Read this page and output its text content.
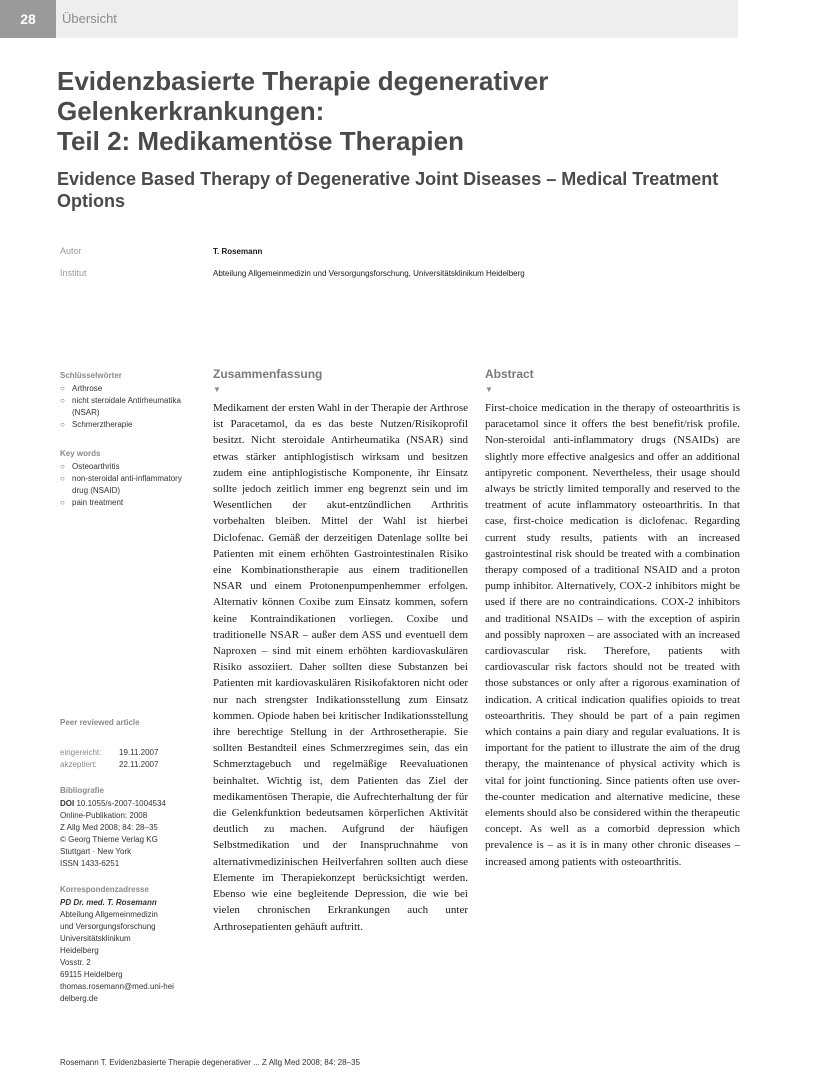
28	Übersicht
Evidenzbasierte Therapie degenerativer
Gelenkerkrankungen:
Teil 2: Medikamentöse Therapien
Evidence Based Therapy of Degenerative Joint Diseases – Medical Treatment
Options
Autor	T. Rosemann
Institut	Abteilung Allgemeinmedizin und Versorgungsforschung, Universitätsklinikum Heidelberg
Schlüsselwörter
○ Arthrose
○ nicht steroidale Antirheumatika (NSAR)
○ Schmerztherapie
Key words
○ Osteoarthritis
○ non-steroidal anti-inflammatory drug (NSAID)
○ pain treatment
Peer reviewed article
eingereicht: 19.11.2007
akzeptiert:	22.11.2007
Bibliografie
DOI 10.1055/s-2007-1004534
Online-Publikation: 2008
Z Allg Med 2008; 84: 28–35
© Georg Thieme Verlag KG
Stuttgart · New York
ISSN 1433-6251
Korrespondenzadresse
PD Dr. med. T. Rosemann
Abteilung Allgemeinmedizin
und Versorgungsforschung
Universitätsklinikum
Heidelberg
Vosstr. 2
69115 Heidelberg
thomas.rosemann@med.uni-heidelberg.de
Zusammenfassung
▼

Medikament der ersten Wahl in der Therapie der Arthrose ist Paracetamol, da es das beste Nutzen/Risikoprofil besitzt. Nicht steroidale Antirheumatika (NSAR) sind etwas stärker antiphlogistisch wirksam und besitzen zudem eine antiphlogistische Komponente, ihr Einsatz sollte jedoch zeitlich immer eng begrenzt sein und im Wesentlichen der akut-entzündlichen Arthritis vorbehalten bleiben. Mittel der Wahl ist hierbei Diclofenac. Gemäß der derzeitigen Datenlage sollte bei Patienten mit einem erhöhten Gastrointestinalen Risiko eine Kombinationstherapie aus einem traditionellen NSAR und einem Protonenpumpenhemmer erfolgen. Alternativ können Coxibe zum Einsatz kommen, sofern keine Kontraindikationen vorliegen. Coxibe und traditionelle NSAR – außer dem ASS und eventuell dem Naproxen – sind mit einem erhöhten kardiovaskulären Risiko assoziiert. Daher sollten diese Substanzen bei Patienten mit kardiovaskulären Risikofaktoren nicht oder nur nach strengster Indikationsstellung zum Einsatz kommen. Opiode haben bei kritischer Indikationsstellung ihre berechtige Stellung in der Arthrosetherapie. Sie sollten Bestandteil eines Schmerzregimes sein, das ein Schmerztagebuch und regelmäßige Reevaluationen beinhaltet. Wichtig ist, dem Patienten das Ziel der medikamentösen Therapie, die Aufrechterhaltung der für die Gelenkfunktion bedeutsamen körperlichen Aktivität deutlich zu machen. Aufgrund der häufigen Selbstmedikation und der Inanspruchnahme von alternativmedizinischen Heilverfahren sollten auch diese Elemente im Therapiekonzept berücksichtigt werden. Ebenso wie eine begleitende Depression, die wie bei vielen chronischen Erkrankungen auch unter Arthrosepatienten gehäuft auftritt.

Abstract
▼

First-choice medication in the therapy of osteoarthritis is paracetamol since it offers the best benefit/risk profile. Non-steroidal anti-inflammatory drugs (NSAIDs) are slightly more effective analgesics and offer an additional antipyretic component. Nevertheless, their usage should always be strictly limited temporally and reserved to the treatment of acute inflammatory osteoarthritis. In that case, first-choice medication is diclofenac. Regarding current study results, patients with an increased gastrointestinal risk should be treated with a combination therapy composed of a traditional NSAID and a proton pump inhibitor. Alternatively, COX-2 inhibitors might be used if there are no contraindications. COX-2 inhibitors and traditional NSAIDs – with the exception of aspirin and possibly naproxen – are associated with an increased cardiovascular risk. Therefore, patients with cardiovascular risk factors should not be treated with those substances or only after a rigorous examination of indication. A critical indication qualifies opioids to treat osteoarthritis. They should be part of a pain regimen which contains a pain diary and regular evaluations. It is important for the patient to illustrate the aim of the drug therapy, the maintenance of physical activity which is vital for joint functioning. Since patients often use over-the-counter medication and alternative medicine, these elements should also be considered within the therapeutic concept. As well as a comorbid depression which prevalence is – as it is in many other chronic diseases – increased among patients with osteoarthritis.

Rosemann T. Evidenzbasierte Therapie degenerativer ... Z Allg Med 2008; 84: 28–35
